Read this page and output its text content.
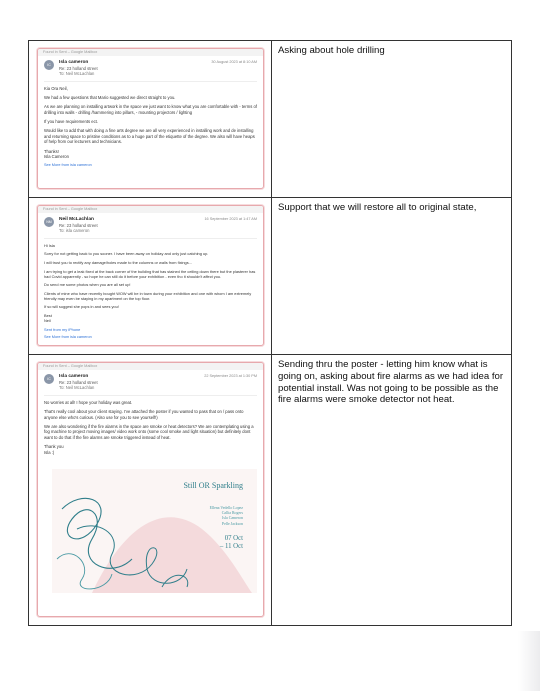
Found in Sent – Google Mailbox
IC	Isla cameron
Re: 23 holland street
To: Neil McLachlan
30 August 2023 at 8:10 AM

Kia Ora Neil,

We had a few questions that Mario suggested we direct straight to you.

As we are planning on installing artwork in the space we just want to know what you are comfortable with - terms of drilling into walls - drilling /hammering into pillars, - mounting projectors / lighting

If you have requirements ect.

Would like to add that with doing a fine arts degree we are all very experienced in installing work and de installing and returning space to pristine conditions as to a huge part of the etiquette of the degree. We also will have heaps of help from our lecturers and technicians.

Thanks!
Isla Cameron

See More from isla cameron
Asking about hole drilling
Found in Sent – Google Mailbox
NM	Neil McLachlan
Re: 23 holland street
To: isla cameron
16 September 2023 at 1:47 AM

Hi Isla

Sorry for not getting back to you sooner. I have been away on holiday and only just catching up.

I will trust you to rectify any damage/holes made to the columns or walls from fixings…

I am trying to get a leak fixed at the back corner of the building that has stained the ceiling down there but the plasterer has had Covid apparently - so hope he can still do it before your exhibition - even tho it shouldn't affect you.

Do send me some photos when you are all set up!

Clients of mine who have recently bought WOW will be in town during your exhibition and one with whom I am extremely friendly may even be staying in my apartment on the top floor.

If so will suggest she pops in and sees you!

Best
Neil

Sent from my iPhone

See More from isla cameron
Support that we will restore all to original state,
Found in Sent – Google Mailbox
IC	Isla cameron
Re: 23 holland street
To: Neil McLachlan
22 September 2023 at 1:30 PM

No worries at all! I hope your holiday was great.

That's really cool about your client staying. I've attached the poster if you wanted to pass that on / pass onto anyone else who's curious. (Also use for you to see yourself!)

We are also wondering if the fire alarms in the space are smoke or heat detectors? We are contemplating using a fog machine to project moving images/ video work onto (some cool smoke and light situation) but definitely dont want to do that if the fire alarms are smoke triggered instead of heat.

Thank you
Isla :)

Still OR Sparkling
Ellena Vedello Lopez
Callia Rogers
Isla Cameron
Pelle Jackson
07 Oct
– 11 Oct
Sending thru the poster - letting him know what is going on, asking about fire alarms as we had idea for potential install. Was not going to be possible as the fire alarms were smoke detector not heat.
